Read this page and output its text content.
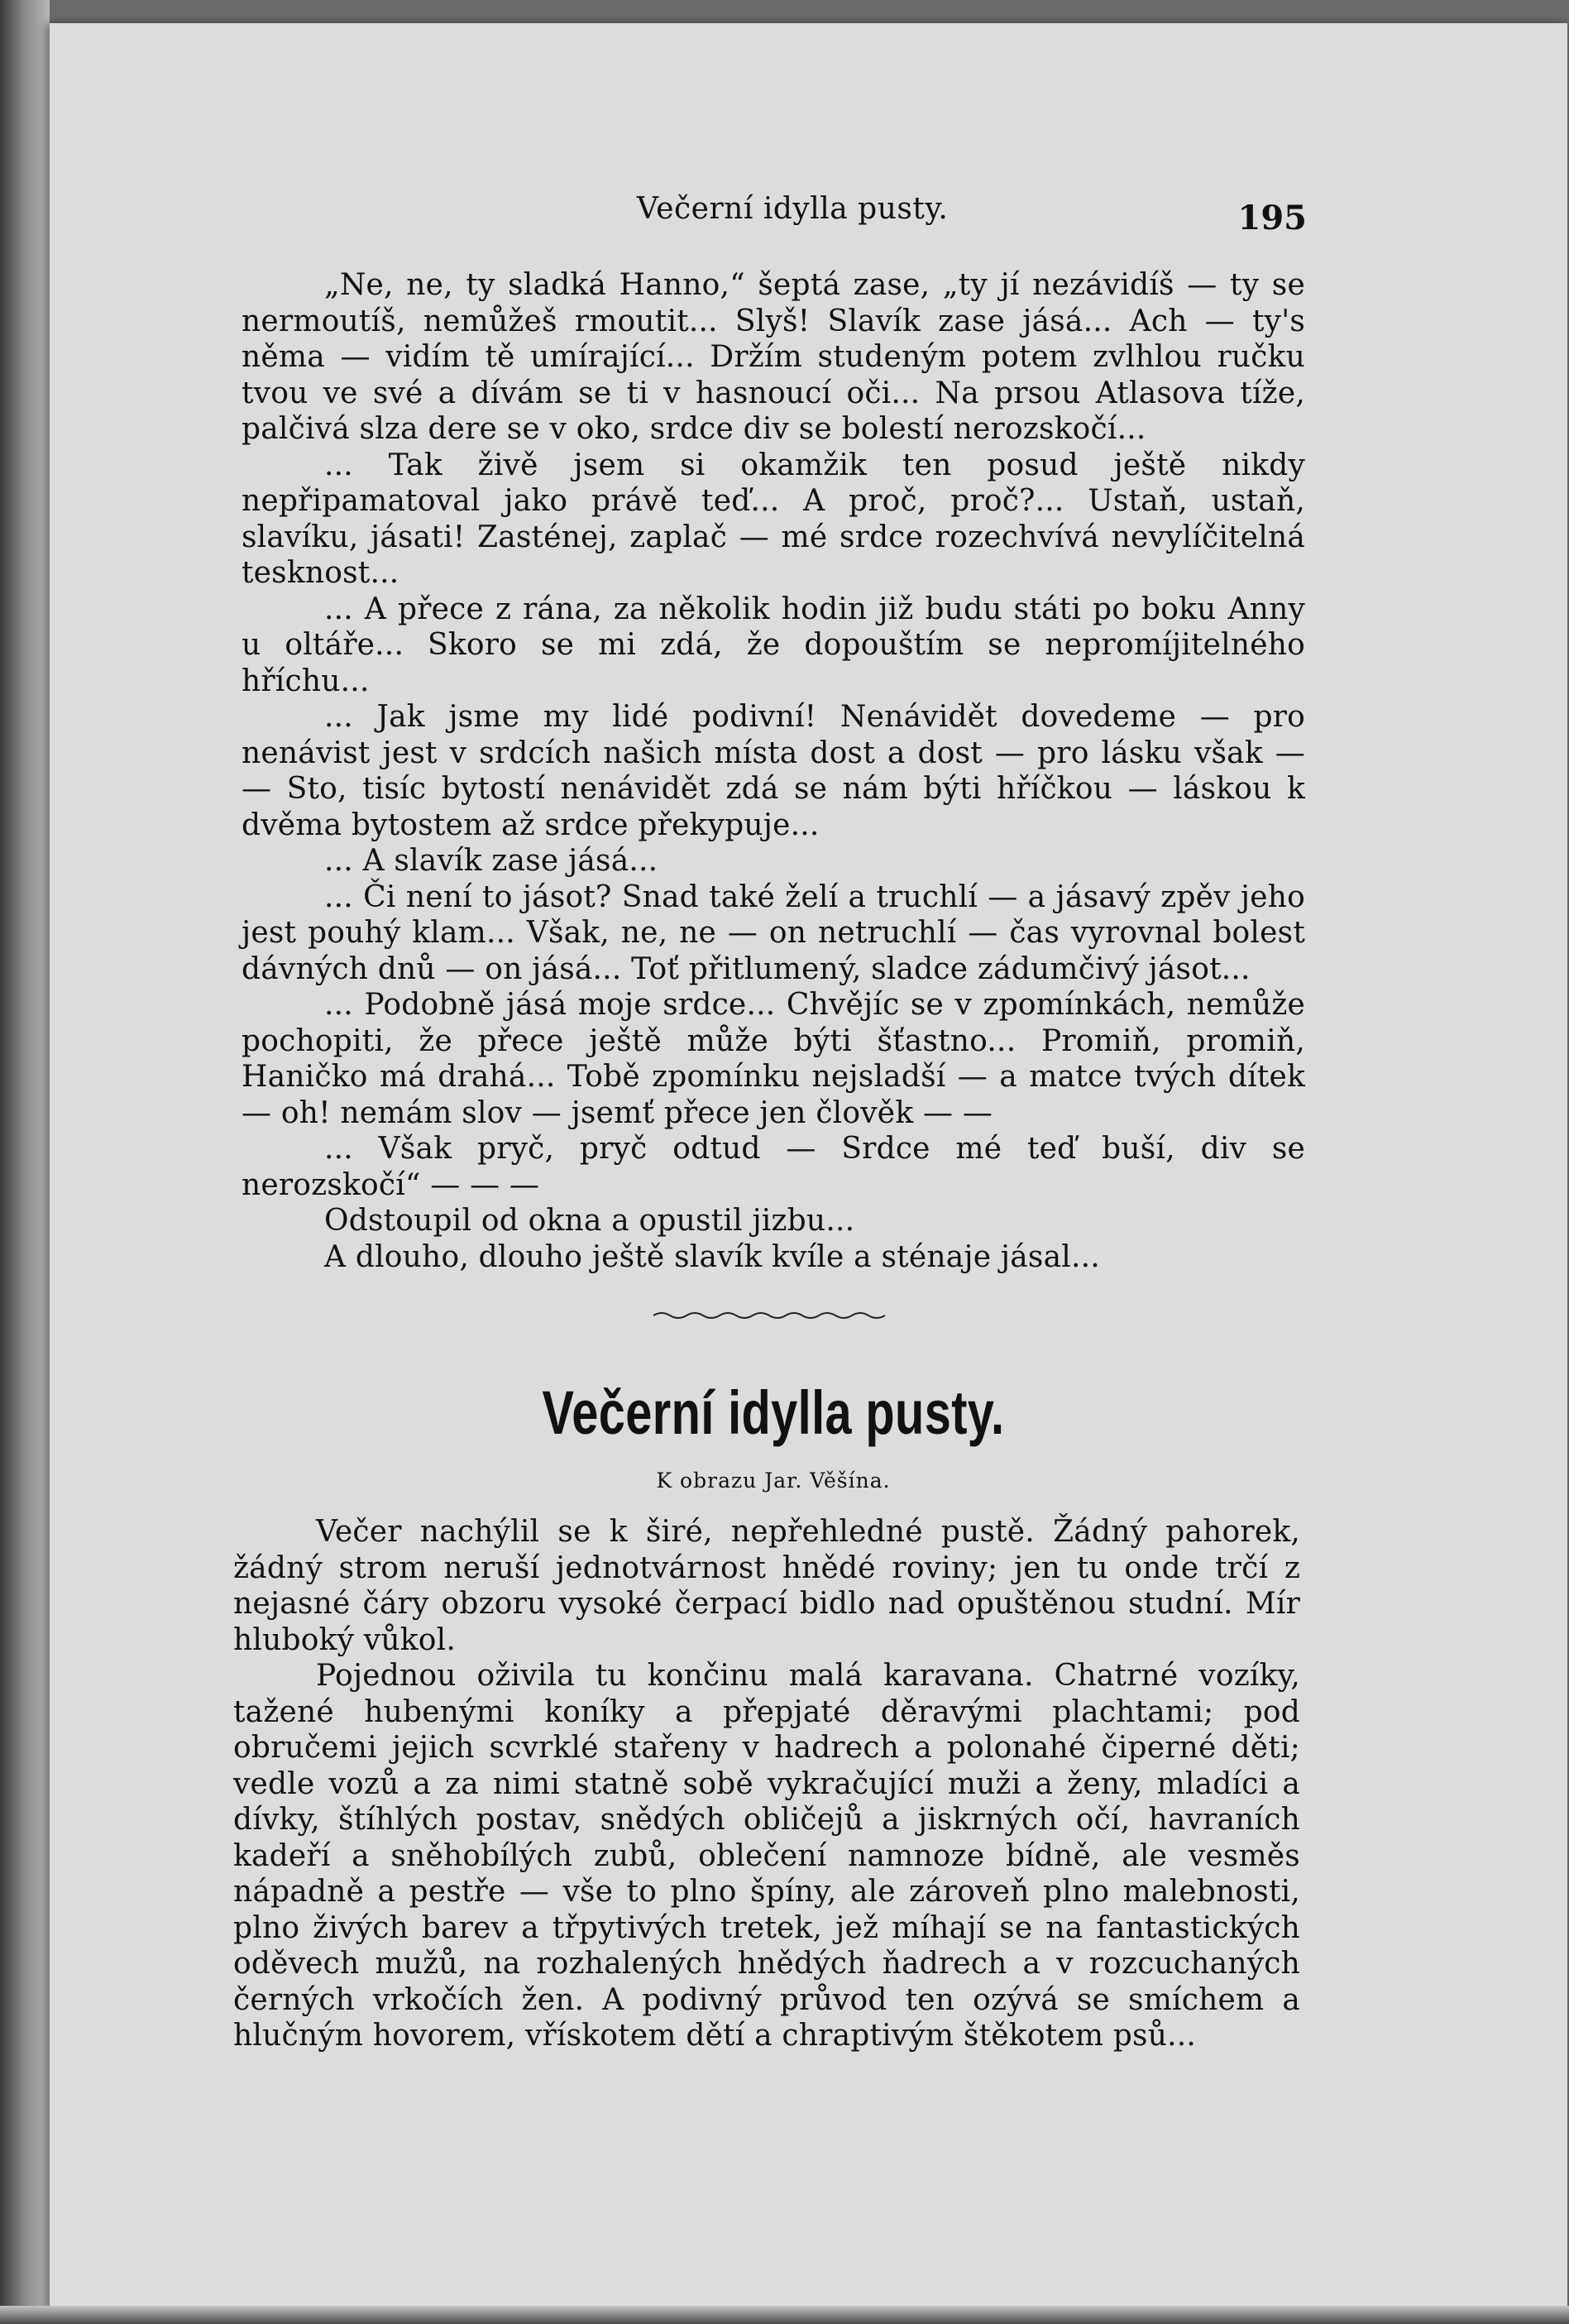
Večerní idylla pusty.	195

„Ne, ne, ty sladká Hanno,“ šeptá zase, „ty jí nezávidíš — ty se nermoutíš, nemůžeš rmoutit... Slyš! Slavík zase jásá... Ach — ty's něma — vidím tě umírající... Držím studeným potem zvlhlou ručku tvou ve své a dívám se ti v hasnoucí oči... Na prsou Atlasova tíže, palčivá slza dere se v oko, srdce div se bolestí nerozskočí...

... Tak živě jsem si okamžik ten posud ještě nikdy nepřipamatoval jako právě teď... A proč, proč?... Ustaň, ustaň, slavíku, jásati! Zasténej, zaplač — mé srdce rozechvívá nevylíčitelná tesknost...

... A přece z rána, za několik hodin již budu státi po boku Anny u oltáře... Skoro se mi zdá, že dopouštím se nepromíjitelného hříchu...

... Jak jsme my lidé podivní! Nenávidět dovedeme — pro nenávist jest v srdcích našich místa dost a dost — pro lásku však — — Sto, tisíc bytostí nenávidět zdá se nám býti hříčkou — láskou k dvěma bytostem až srdce překypuje...

... A slavík zase jásá...

... Či není to jásot? Snad také želí a truchlí — a jásavý zpěv jeho jest pouhý klam... Však, ne, ne — on netruchlí — čas vyrovnal bolest dávných dnů — on jásá... Toť přitlumený, sladce zádumčivý jásot...

... Podobně jásá moje srdce... Chvějíc se v zpomínkách, nemůže pochopiti, že přece ještě může býti šťastno... Promiň, promiň, Haničko má drahá... Tobě zpomínku nejsladší — a matce tvých dítek — oh! nemám slov — jsemť přece jen člověk — —

... Však pryč, pryč odtud — Srdce mé teď buší, div se nerozskočí“ — — —

Odstoupil od okna a opustil jizbu...

A dlouho, dlouho ještě slavík kvíle a sténaje jásal...

Večerní idylla pusty.
K obrazu Jar. Věšína.

Večer nachýlil se k širé, nepřehledné pustě. Žádný pahorek, žádný strom neruší jednotvárnost hnědé roviny; jen tu onde trčí z nejasné čáry obzoru vysoké čerpací bidlo nad opuštěnou studní. Mír hluboký vůkol.

Pojednou oživila tu končinu malá karavana. Chatrné vozíky, tažené hubenými koníky a přepjaté děravými plachtami; pod obručemi jejich scvrklé stařeny v hadrech a polonahé čiperné děti; vedle vozů a za nimi statně sobě vykračující muži a ženy, mladíci a dívky, štíhlých postav, snědých obličejů a jiskrných očí, havraních kadeří a sněhobílých zubů, oblečení namnoze bídně, ale vesměs nápadně a pestře — vše to plno špíny, ale zároveň plno malebnosti, plno živých barev a třpytivých tretek, jež míhají se na fantastických oděvech mužů, na rozhalených hnědých ňadrech a v rozcuchaných černých vrkočích žen. A podivný průvod ten ozývá se smíchem a hlučným hovorem, vřískotem dětí a chraptivým štěkotem psů...
